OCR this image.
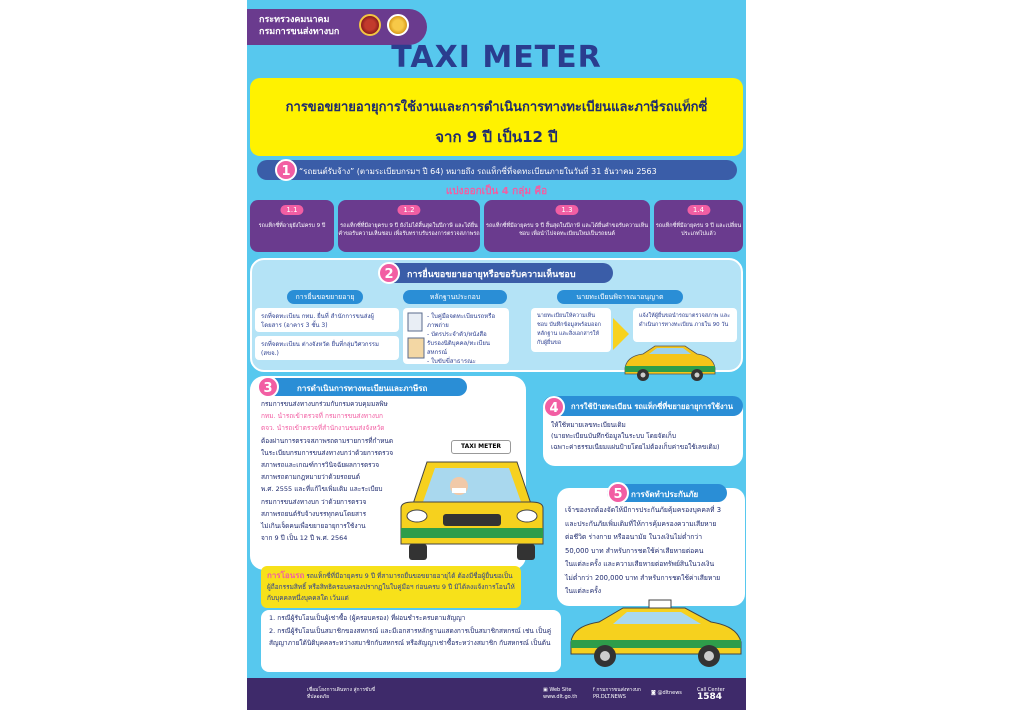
กระทรวงคมนาคม
กรมการขนส่งทางบก
TAXI METER
การขอขยายอายุการใช้งานและการดำเนินการทางทะเบียนและภาษีรถแท็กซี่
จาก 9 ปี เป็น12 ปี
“รถยนต์รับจ้าง” (ตามระเบียบกรมฯ ปี 64) หมายถึง รถแท็กซี่ที่จดทะเบียนภายในวันที่ 31 ธันวาคม 2563
1
แบ่งออกเป็น 4 กลุ่ม คือ
1.1
รถแท็กซี่ที่อายุยังไม่ครบ 9 ปี
1.2
รถแท็กซี่ที่มีอายุครบ 9 ปี ยังไม่ได้สิ้นสุดในปีภาษี และได้ยื่นคำขอรับความเห็นชอบ เพื่อรับทราบรับรองการตรวจสภาพรถ
1.3
รถแท็กซี่ที่มีอายุครบ 9 ปี สิ้นสุดในปีภาษี และได้ยื่นคำขอรับความเห็นชอบ เพื่อนำไปจดทะเบียนใหม่เป็นรถยนต์
1.4
รถแท็กซี่ที่มีอายุครบ 9 ปี และเปลี่ยนประเภทไปแล้ว
การยื่นขอขยายอายุหรือขอรับความเห็นชอบ
2
การยื่นขอขยายอายุ
รถที่จดทะเบียน กทม. ยื่นที่ สำนักการขนส่งผู้โดยสาร (อาคาร 3 ชั้น 3)
รถที่จดทะเบียน ต่างจังหวัด ยื่นที่กลุ่มวิศวกรรม (สขจ.)
หลักฐานประกอบ
- ใบคู่มือจดทะเบียนรถหรือภาพถ่าย
- บัตรประจำตัว/หนังสือรับรองนิติบุคคล/ทะเบียนสหกรณ์
- ใบขับขี่สาธารณะ
นายทะเบียนพิจารณาอนุญาต
นายทะเบียนให้ความเห็นชอบ บันทึกข้อมูลพร้อมออกหลักฐาน และสิ่งเอกสารให้กับผู้ยื่นขอ
แจ้งให้ผู้ยื่นขอนำรถมาตรวจสภาพ และดำเนินการทางทะเบียน ภายใน 90 วัน
การดำเนินการทางทะเบียนและภาษีรถ
3
กรมการขนส่งทางบกร่วมกับกรมควบคุมมลพิษ
กทม. นำรถเข้าตรวจที่ กรมการขนส่งทางบก
ตจว. นำรถเข้าตรวจที่สำนักงานขนส่งจังหวัด
ต้องผ่านการตรวจสภาพรถตามรายการที่กำหนด
ในระเบียบกรมการขนส่งทางบกว่าด้วยการตรวจ
สภาพรถและเกณฑ์การวินิจฉัยผลการตรวจ
สภาพรถตามกฎหมายว่าด้วยรถยนต์
พ.ศ. 2555 และที่แก้ไขเพิ่มเติม และระเบียบ
กรมการขนส่งทางบก ว่าด้วยการตรวจ
สภาพรถยนต์รับจ้างบรรทุกคนโดยสาร
ไม่เกินเจ็ดคนเพื่อขยายอายุการใช้งาน
จาก 9 ปี เป็น 12 ปี พ.ศ. 2564
TAXI METER
การใช้ป้ายทะเบียน รถแท็กซี่ที่ขยายอายุการใช้งาน
4
ให้ใช้หมายเลขทะเบียนเดิม
(นายทะเบียนบันทึกข้อมูลในระบบ โดยจัดเก็บ
เฉพาะค่าธรรมเนียมแผ่นป้ายโดยไม่ต้องเก็บค่าขอใช้เลขเดิม)
การจัดทำประกันภัย
5
เจ้าของรถต้องจัดให้มีการประกันภัยคุ้มครองบุคคลที่ 3
และประกันภัยเพิ่มเติมที่ให้การคุ้มครองความเสียหาย
ต่อชีวิต ร่างกาย หรืออนามัย ในวงเงินไม่ต่ำกว่า
50,000 บาท สำหรับการชดใช้ค่าเสียหายต่อคน
ในแต่ละครั้ง และความเสียหายต่อทรัพย์สินในวงเงิน
ไม่ต่ำกว่า 200,000 บาท สำหรับการชดใช้ค่าเสียหาย
ในแต่ละครั้ง
การโอนรถ รถแท็กซี่ที่มีอายุครบ 9 ปี ที่สามารถยื่นขอขยายอายุได้ ต้องมีชื่อผู้ยื่นขอเป็นผู้ถือกรรมสิทธิ์ หรือสิทธิครอบครองปรากฏในใบคู่มือฯ ก่อนครบ 9 ปี มิได้ลงแจ้งการโอนให้กับบุคคลหนึ่งบุคคลใด เว้นแต่
1. กรณีผู้รับโอนเป็นผู้เช่าซื้อ (ผู้ครอบครอง) ที่ผ่อนชำระครบตามสัญญา
2. กรณีผู้รับโอนเป็นสมาชิกของสหกรณ์ และมีเอกสารหลักฐานแสดงการเป็นสมาชิกสหกรณ์ เช่น เป็นคู่สัญญาภายใต้นิติบุคคลระหว่างสมาชิกกับสหกรณ์ หรือสัญญาเช่าซื้อระหว่างสมาชิก กับสหกรณ์ เป็นต้น
เชื่อมโยงการเดินทาง สู่การขับขี่ที่ปลอดภัย
▣ Web Site
www.dlt.go.th
f กรมการขนส่งทางบก
PR.DLT.NEWS
◙ @dltnews	Call Center
1584
